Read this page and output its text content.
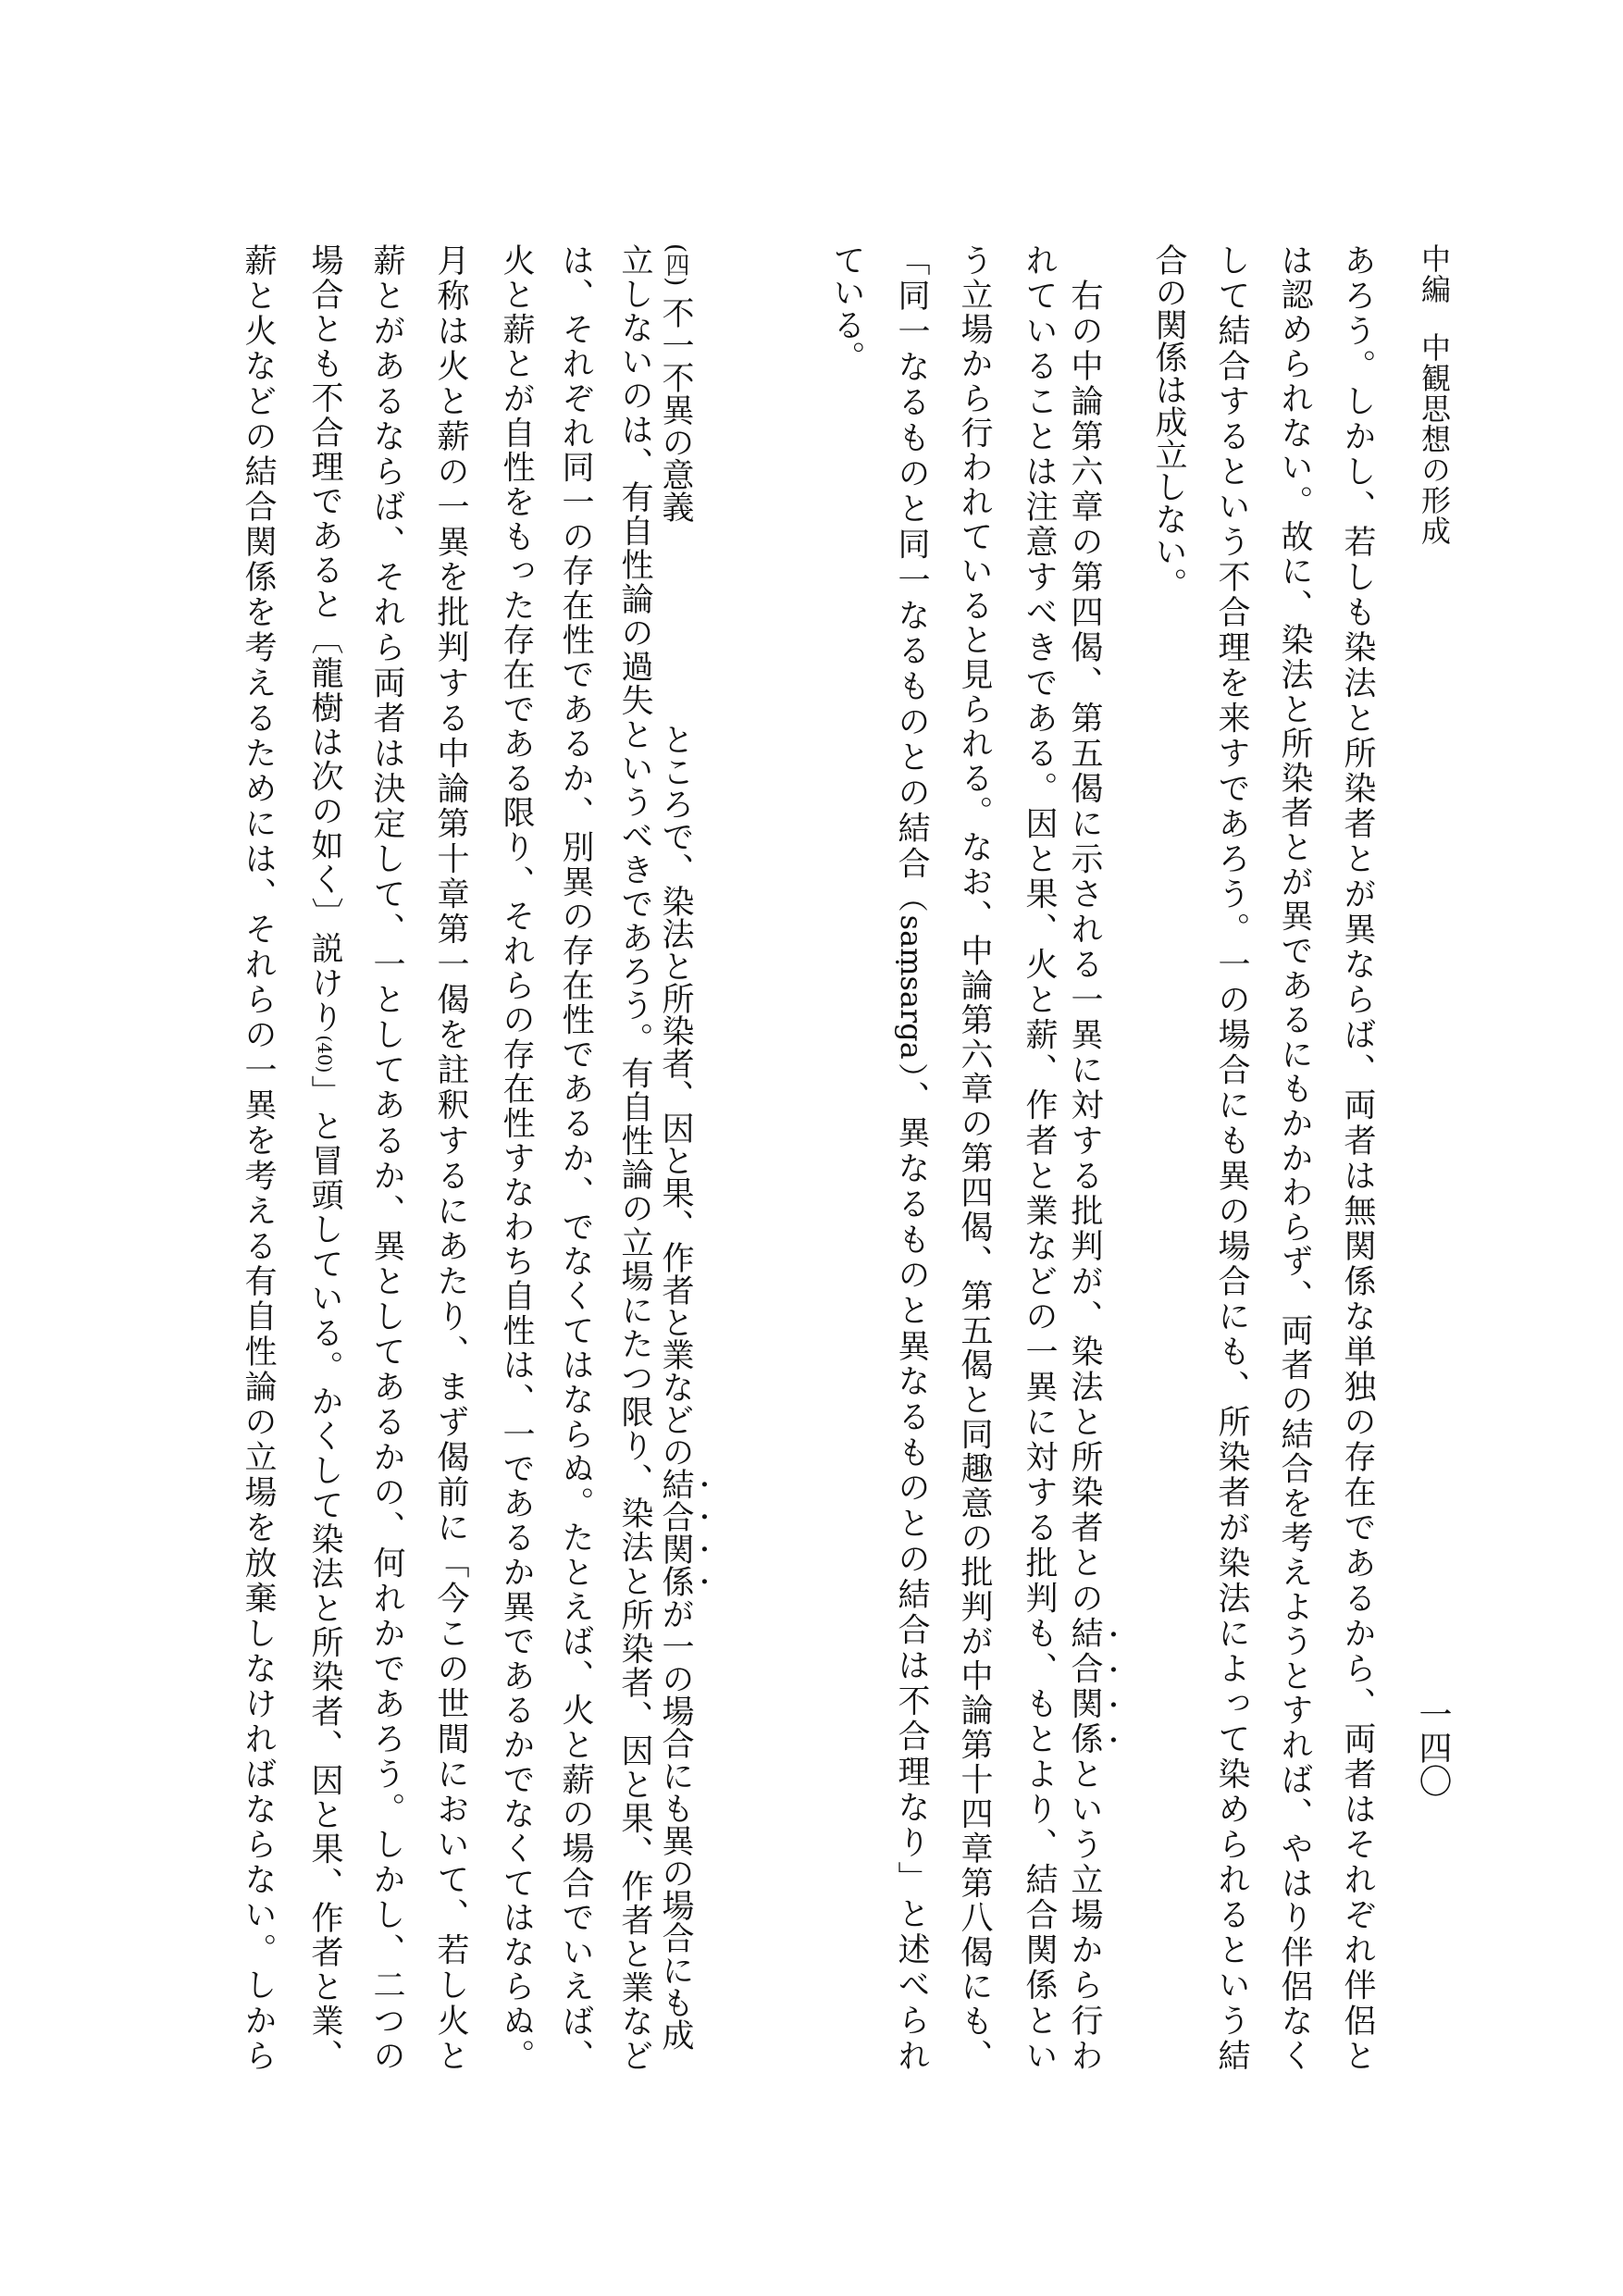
中編中観思想の形成
一四〇
あろう。しかし、若しも染法と所染者とが異ならば、両者は無関係な単独の存在であるから、両者はそれぞれ伴侶と
は認められない。故に、染法と所染者とが異であるにもかかわらず、両者の結合を考えようとすれば、やはり伴侶なく
して結合するという不合理を来すであろう。一の場合にも異の場合にも、所染者が染法によって染められるという結
合の関係は成立しない。
右の中論第六章の第四偈、第五偈に示される一異に対する批判が、染法と所染者との結合関係という立場から行わ
れていることは注意すべきである。因と果、火と薪、作者と業などの一異に対する批判も、もとより、結合関係とい
う立場から行われていると見られる。なお、中論第六章の第四偈、第五偈と同趣意の批判が中論第十四章第八偈にも、
「同一なるものと同一なるものとの結合（saṃsarga）、異なるものと異なるものとの結合は不合理なり」と述べられ
ている。
(四) 不一不異の意義ところで、染法と所染者、因と果、作者と業などの結合関係が一の場合にも異の場合にも成
立しないのは、有自性論の過失というべきであろう。有自性論の立場にたつ限り、染法と所染者、因と果、作者と業など
は、それぞれ同一の存在性であるか、別異の存在性であるか、でなくてはならぬ。たとえば、火と薪の場合でいえば、
火と薪とが自性をもった存在である限り、それらの存在性すなわち自性は、一であるか異であるかでなくてはならぬ。
月称は火と薪の一異を批判する中論第十章第一偈を註釈するにあたり、まず偈前に「今この世間において、若し火と
薪とがあるならば、それら両者は決定して、一としてあるか、異としてあるかの、何れかであろう。しかし、二つの
場合とも不合理であると〔龍樹は次の如く〕説けり(40)」と冒頭している。かくして染法と所染者、因と果、作者と業、
薪と火などの結合関係を考えるためには、それらの一異を考える有自性論の立場を放棄しなければならない。しから
